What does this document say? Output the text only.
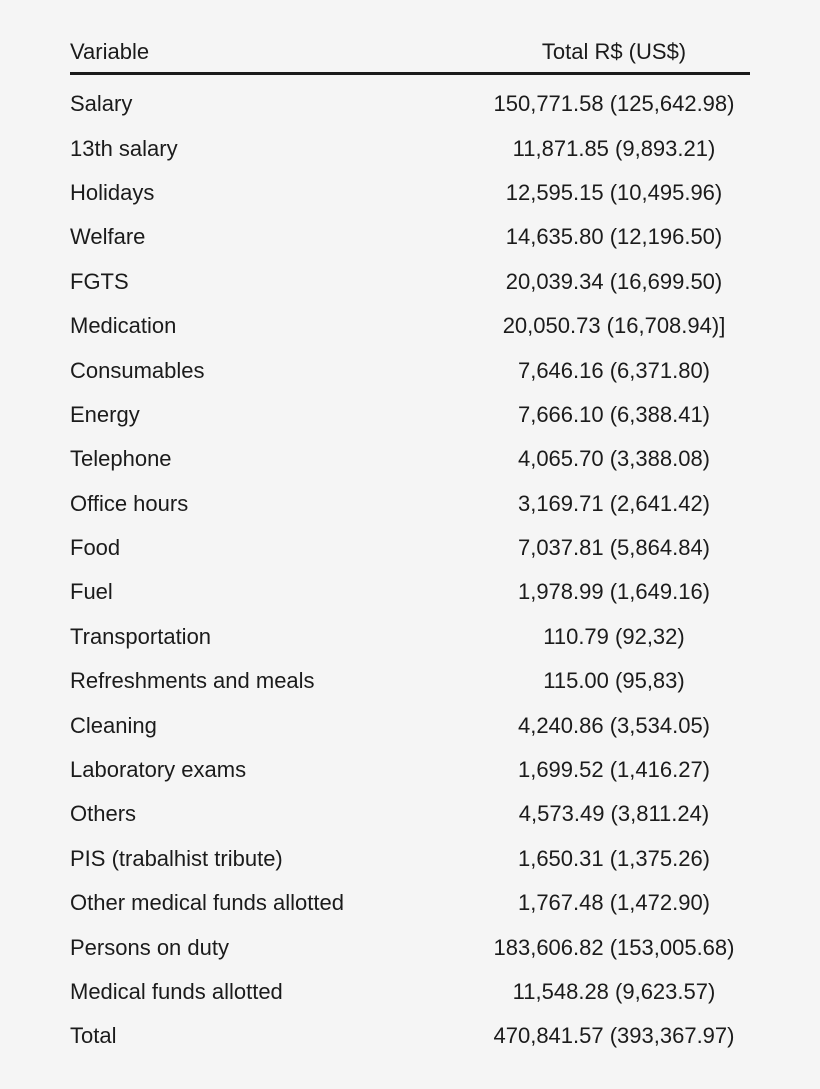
Variable	Total R$ (US$)
Salary	150,771.58 (125,642.98)
13th salary	11,871.85 (9,893.21)
Holidays	12,595.15 (10,495.96)
Welfare	14,635.80 (12,196.50)
FGTS	20,039.34 (16,699.50)
Medication	20,050.73 (16,708.94)]
Consumables	7,646.16 (6,371.80)
Energy	7,666.10 (6,388.41)
Telephone	4,065.70 (3,388.08)
Office hours	3,169.71 (2,641.42)
Food	7,037.81 (5,864.84)
Fuel	1,978.99 (1,649.16)
Transportation	110.79 (92,32)
Refreshments and meals	115.00 (95,83)
Cleaning	4,240.86 (3,534.05)
Laboratory exams	1,699.52 (1,416.27)
Others	4,573.49 (3,811.24)
PIS (trabalhist tribute)	1,650.31 (1,375.26)
Other medical funds allotted	1,767.48 (1,472.90)
Persons on duty	183,606.82 (153,005.68)
Medical funds allotted	11,548.28 (9,623.57)
Total	470,841.57 (393,367.97)
